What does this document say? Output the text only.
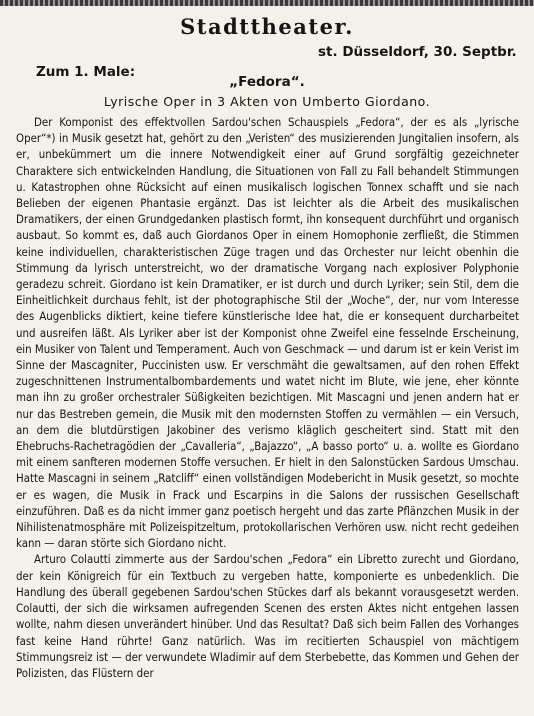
Stadttheater.
st. Düsseldorf, 30. Septbr.
Zum 1. Male:
„Fedora“.
Lyrische Oper in 3 Akten von Umberto Giordano.

Der Komponist des effektvollen Sardou'schen Schauspiels „Fedora“, der es als „lyrische Oper“*) in Musik gesetzt hat, gehört zu den „Veristen“ des musizierenden Jungitalien insofern, als er, unbekümmert um die innere Notwendigkeit einer auf Grund sorgfältig gezeichneter Charaktere sich entwickelnden Handlung, die Situationen von Fall zu Fall behandelt Stimmungen u. Katastrophen ohne Rücksicht auf einen musikalisch logischen Tonnex schafft und sie nach Belieben der eigenen Phantasie ergänzt. Das ist leichter als die Arbeit des musikalischen Dramatikers, der einen Grundgedanken plastisch formt, ihn konsequent durchführt und organisch ausbaut. So kommt es, daß auch Giordanos Oper in einem Homophonie zerfließt, die Stimmen keine individuellen, charakteristischen Züge tragen und das Orchester nur leicht obenhin die Stimmung da lyrisch unterstreicht, wo der dramatische Vorgang nach explosiver Polyphonie geradezu schreit. Giordano ist kein Dramatiker, er ist durch und durch Lyriker; sein Stil, dem die Einheitlichkeit durchaus fehlt, ist der photographische Stil der „Woche“, der, nur vom Interesse des Augenblicks diktiert, keine tiefere künstlerische Idee hat, die er konsequent durcharbeitet und ausreifen läßt. Als Lyriker aber ist der Komponist ohne Zweifel eine fesselnde Erscheinung, ein Musiker von Talent und Temperament. Auch von Geschmack — und darum ist er kein Verist im Sinne der Mascagniter, Puccinisten usw. Er verschmäht die gewaltsamen, auf den rohen Effekt zugeschnittenen Instrumentalbombardements und watet nicht im Blute, wie jene, eher könnte man ihn zu großer orchestraler Süßigkeiten bezichtigen. Mit Mascagni und jenen andern hat er nur das Bestreben gemein, die Musik mit den modernsten Stoffen zu vermählen — ein Versuch, an dem die blutdürstigen Jakobiner des verismo kläglich gescheitert sind. Statt mit den Ehebruchs-Rachetragödien der „Cavalleria“, „Bajazzo“, „A basso porto“ u. a. wollte es Giordano mit einem sanfteren modernen Stoffe versuchen. Er hielt in den Salonstücken Sardous Umschau. Hatte Mascagni in seinem „Ratcliff“ einen vollständigen Modebericht in Musik gesetzt, so mochte er es wagen, die Musik in Frack und Escarpins in die Salons der russischen Gesellschaft einzuführen. Daß es da nicht immer ganz poetisch hergeht und das zarte Pflänzchen Musik in der Nihilistenatmosphäre mit Polizeispitzeltum, protokollarischen Verhören usw. nicht recht gedeihen kann — daran störte sich Giordano nicht.

Arturo Colautti zimmerte aus der Sardou'schen „Fedora“ ein Libretto zurecht und Giordano, der kein Königreich für ein Textbuch zu vergeben hatte, komponierte es unbedenklich. Die Handlung des überall gegebenen Sardou'schen Stückes darf als bekannt vorausgesetzt werden. Colautti, der sich die wirksamen aufregenden Scenen des ersten Aktes nicht entgehen lassen wollte, nahm diesen unverändert hinüber. Und das Resultat? Daß sich beim Fallen des Vorhanges fast keine Hand rührte! Ganz natürlich. Was im recitierten Schauspiel von mächtigem Stimmungsreiz ist — der verwundete Wladimir auf dem Sterbebette, das Kommen und Gehen der Polizisten, das Flüstern der
